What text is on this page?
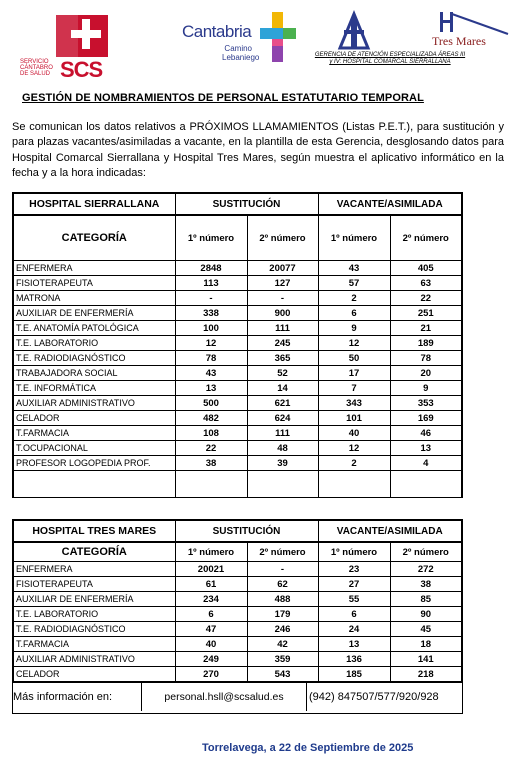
SERVICIO CÁNTABRO DE SALUD SCS
Cantabria
Camino Lebaniego	GERENCIA DE ATENCIÓN ESPECIALIZADA ÁREAS III y IV: HOSPITAL COMARCAL SIERRALLANA
Tres Mares
GESTIÓN DE NOMBRAMIENTOS DE PERSONAL ESTATUTARIO TEMPORAL
Se comunican los datos relativos a PRÓXIMOS LLAMAMIENTOS (Listas P.E.T.), para sustitución y para plazas vacantes/asimiladas a vacante, en la plantilla de esta Gerencia, desglosando datos para Hospital Comarcal Sierrallana y Hospital Tres Mares, según muestra el aplicativo informático en la fecha y a la hora indicadas:
HOSPITAL SIERRALLANA	SUSTITUCIÓN		VACANTE/ASIMILADA	
CATEGORÍA	1º número	2º número	1º número	2º número
ENFERMERA	2848	20077	43	405
FISIOTERAPEUTA	113	127	57	63
MATRONA	-	-	2	22
AUXILIAR DE ENFERMERÍA	338	900	6	251
T.E. ANATOMÍA PATOLÓGICA	100	111	9	21
T.E. LABORATORIO	12	245	12	189
T.E. RADIODIAGNÓSTICO	78	365	50	78
TRABAJADORA SOCIAL	43	52	17	20
T.E. INFORMÁTICA	13	14	7	9
AUXILIAR ADMINISTRATIVO	500	621	343	353
CELADOR	482	624	101	169
T.FARMACIA	108	111	40	46
T.OCUPACIONAL	22	48	12	13
PROFESOR LOGOPEDIA PROF.	38	39	2	4

HOSPITAL TRES MARES	SUSTITUCIÓN		VACANTE/ASIMILADA	
CATEGORÍA	1º número	2º número	1º número	2º número
ENFERMERA	20021	-	23	272
FISIOTERAPEUTA	61	62	27	38
AUXILIAR DE ENFERMERÍA	234	488	55	85
T.E. LABORATORIO	6	179	6	90
T.E. RADIODIAGNÓSTICO	47	246	24	45
T.FARMACIA	40	42	13	18
AUXILIAR ADMINISTRATIVO	249	359	136	141
CELADOR	270	543	185	218
Más información en:	personal.hsll@scsalud.es	(942) 847507/577/920/928
Torrelavega, a 22 de Septiembre de 2025
